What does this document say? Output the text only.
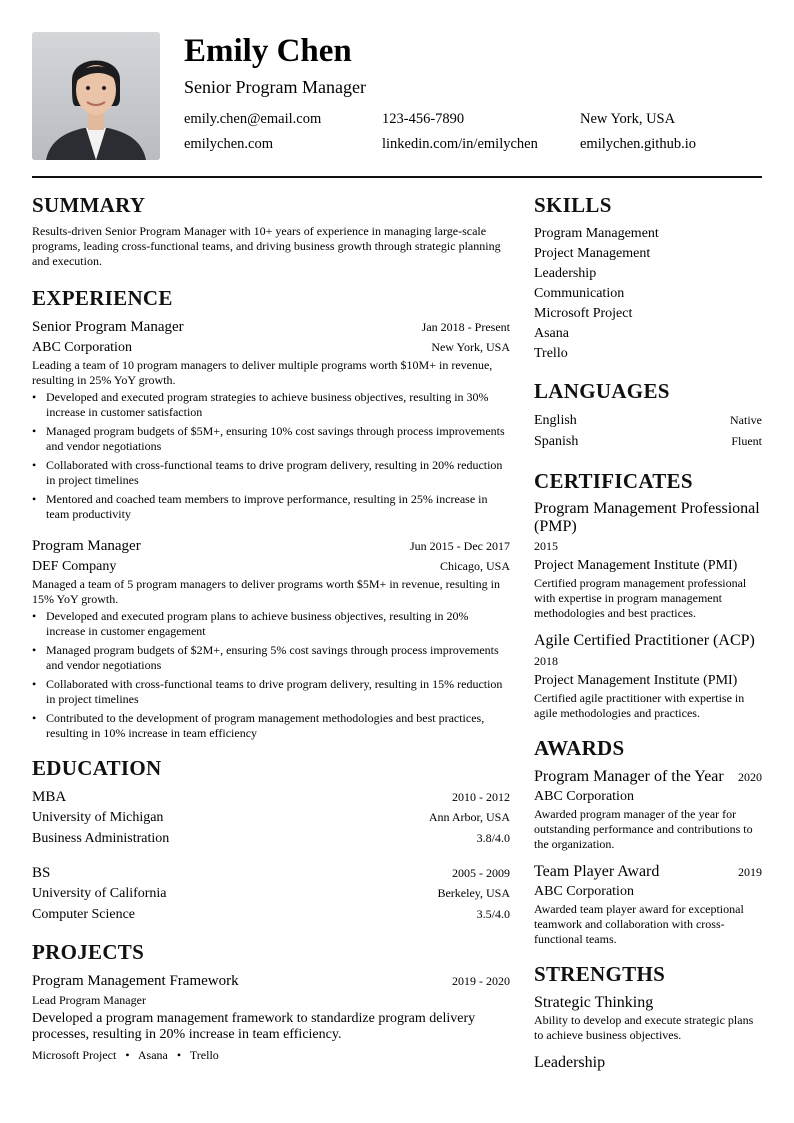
Emily Chen
Senior Program Manager
emily.chen@email.com	123-456-7890	New York, USA
emilychen.com	linkedin.com/in/emilychen	emilychen.github.io
SUMMARY

Results-driven Senior Program Manager with 10+ years of experience in managing large-scale programs, leading cross-functional teams, and driving business growth through strategic planning and execution.

EXPERIENCE
Senior Program Manager	Jan 2018 - Present
ABC Corporation	New York, USA

Leading a team of 10 program managers to deliver multiple programs worth $10M+ in revenue, resulting in 25% YoY growth.

• Developed and executed program strategies to achieve business objectives, resulting in 30% increase in customer satisfaction
• Managed program budgets of $5M+, ensuring 10% cost savings through process improvements and vendor negotiations
• Collaborated with cross-functional teams to drive program delivery, resulting in 20% reduction in project timelines
• Mentored and coached team members to improve performance, resulting in 25% increase in team productivity
Program Manager	Jun 2015 - Dec 2017
DEF Company	Chicago, USA

Managed a team of 5 program managers to deliver programs worth $5M+ in revenue, resulting in 15% YoY growth.

• Developed and executed program plans to achieve business objectives, resulting in 20% increase in customer engagement
• Managed program budgets of $2M+, ensuring 5% cost savings through process improvements and vendor negotiations
• Collaborated with cross-functional teams to drive program delivery, resulting in 15% reduction in project timelines
• Contributed to the development of program management methodologies and best practices, resulting in 10% increase in team efficiency
EDUCATION
MBA	2010 - 2012
University of Michigan	Ann Arbor, USA
Business Administration	3.8/4.0
BS	2005 - 2009
University of California	Berkeley, USA
Computer Science	3.5/4.0
PROJECTS
Program Management Framework	2019 - 2020
Lead Program Manager

Developed a program management framework to standardize program delivery processes, resulting in 20% increase in team efficiency.

Microsoft Project • Asana • Trello
SKILLS
Program Management
Project Management
Leadership
Communication
Microsoft Project
Asana
Trello
LANGUAGES
English	Native
Spanish	Fluent
CERTIFICATES
Program Management Professional (PMP)
2015
Project Management Institute (PMI)

Certified program management professional with expertise in program management methodologies and best practices.

Agile Certified Practitioner (ACP)
2018
Project Management Institute (PMI)

Certified agile practitioner with expertise in agile methodologies and practices.

AWARDS
Program Manager of the Year 2020
ABC Corporation

Awarded program manager of the year for outstanding performance and contributions to the organization.

Team Player Award	2019
ABC Corporation

Awarded team player award for exceptional teamwork and collaboration with cross-functional teams.

STRENGTHS
Strategic Thinking

Ability to develop and execute strategic plans to achieve business objectives.

Leadership
